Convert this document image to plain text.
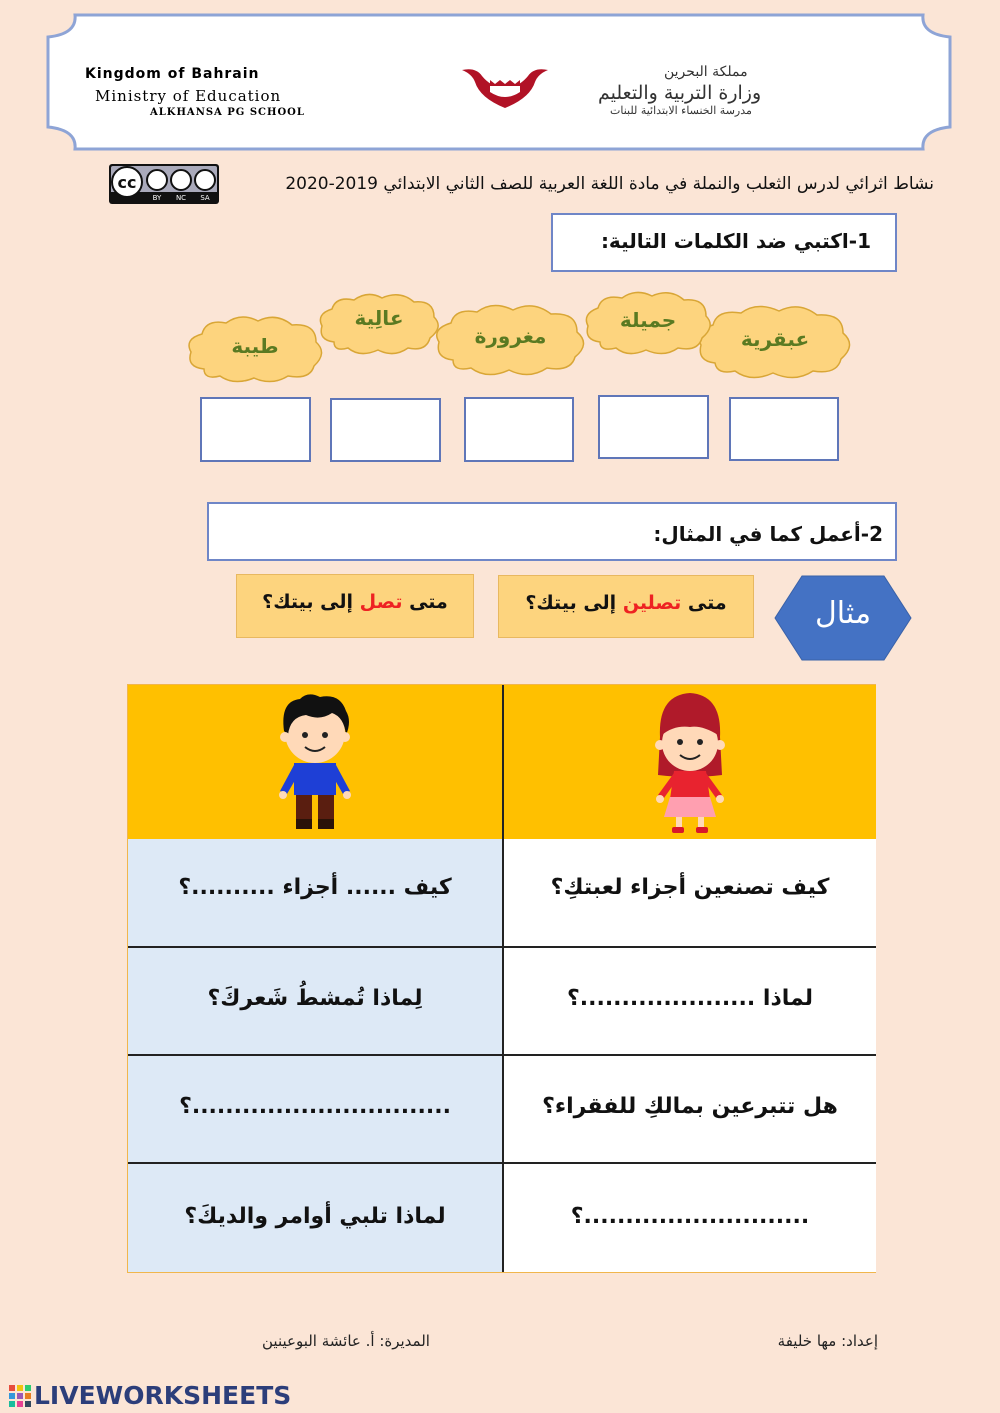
Kingdom of Bahrain
Ministry of Education
ALKHANSA PG SCHOOL
مملكة البحرين
وزارة التربية والتعليم
مدرسة الخنساء الابتدائية للبنات
cc
BY NC SA
نشاط اثرائي لدرس الثعلب والنملة في مادة اللغة العربية للصف الثاني الابتدائي 2019-2020
1-اكتبي ضد الكلمات التالية:
عبقرية
جميلة
مغرورة
عالِية
طيبة
2-أعمل كما في المثال:
متى تصلين إلى بيتك؟
متى تصل إلى بيتك؟	مثال
كيف تصنعين أجزاء لعبتكِ؟
كيف ...... أجزاء ..........؟
لماذا .....................؟
لِماذا تُمشطُ شَعركَ؟
هل تتبرعين بمالكِ للفقراء؟
...............................؟
...........................؟
لماذا تلبي أوامر والديكَ؟
إعداد: مها خليفة
المديرة: أ. عائشة البوعينين
LIVEWORKSHEETS
